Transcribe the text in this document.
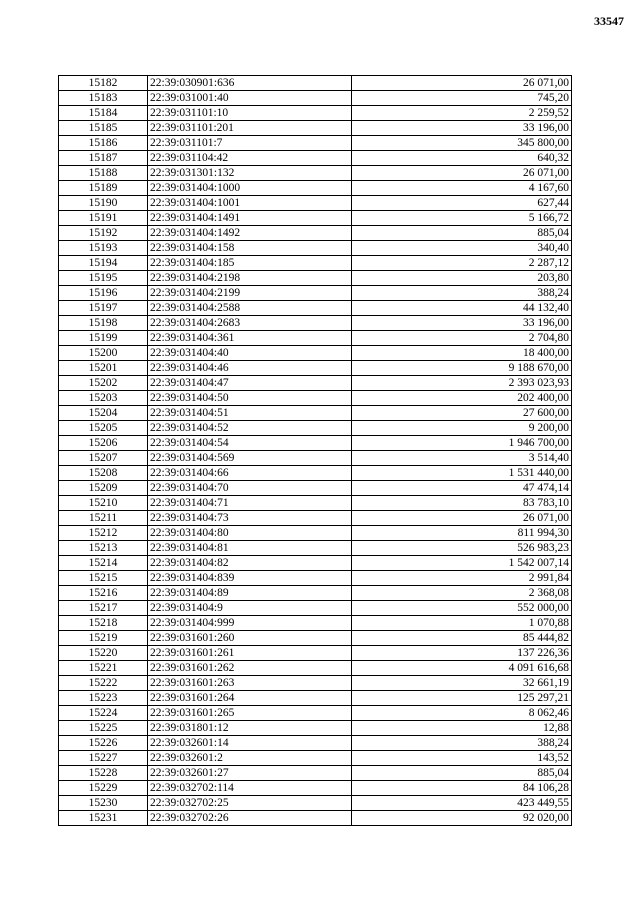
33547
15182	22:39:030901:636	26 071,00
15183	22:39:031001:40	745,20
15184	22:39:031101:10	2 259,52
15185	22:39:031101:201	33 196,00
15186	22:39:031101:7	345 800,00
15187	22:39:031104:42	640,32
15188	22:39:031301:132	26 071,00
15189	22:39:031404:1000	4 167,60
15190	22:39:031404:1001	627,44
15191	22:39:031404:1491	5 166,72
15192	22:39:031404:1492	885,04
15193	22:39:031404:158	340,40
15194	22:39:031404:185	2 287,12
15195	22:39:031404:2198	203,80
15196	22:39:031404:2199	388,24
15197	22:39:031404:2588	44 132,40
15198	22:39:031404:2683	33 196,00
15199	22:39:031404:361	2 704,80
15200	22:39:031404:40	18 400,00
15201	22:39:031404:46	9 188 670,00
15202	22:39:031404:47	2 393 023,93
15203	22:39:031404:50	202 400,00
15204	22:39:031404:51	27 600,00
15205	22:39:031404:52	9 200,00
15206	22:39:031404:54	1 946 700,00
15207	22:39:031404:569	3 514,40
15208	22:39:031404:66	1 531 440,00
15209	22:39:031404:70	47 474,14
15210	22:39:031404:71	83 783,10
15211	22:39:031404:73	26 071,00
15212	22:39:031404:80	811 994,30
15213	22:39:031404:81	526 983,23
15214	22:39:031404:82	1 542 007,14
15215	22:39:031404:839	2 991,84
15216	22:39:031404:89	2 368,08
15217	22:39:031404:9	552 000,00
15218	22:39:031404:999	1 070,88
15219	22:39:031601:260	85 444,82
15220	22:39:031601:261	137 226,36
15221	22:39:031601:262	4 091 616,68
15222	22:39:031601:263	32 661,19
15223	22:39:031601:264	125 297,21
15224	22:39:031601:265	8 062,46
15225	22:39:031801:12	12,88
15226	22:39:032601:14	388,24
15227	22:39:032601:2	143,52
15228	22:39:032601:27	885,04
15229	22:39:032702:114	84 106,28
15230	22:39:032702:25	423 449,55
15231	22:39:032702:26	92 020,00
